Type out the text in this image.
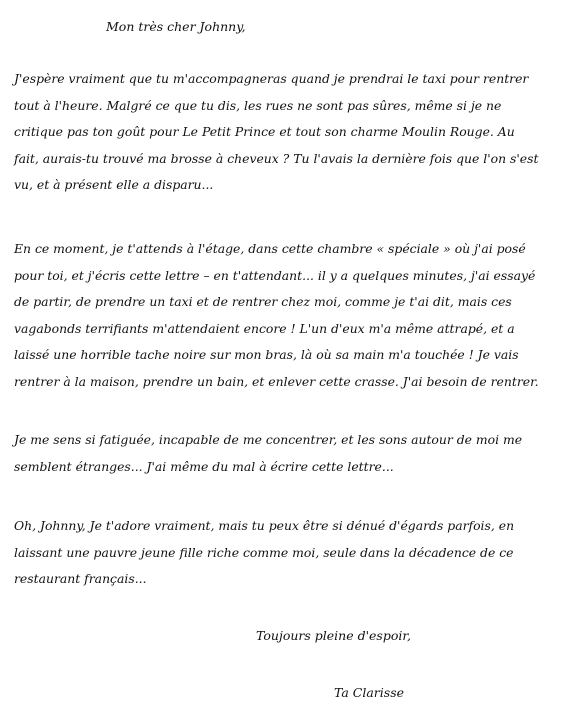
Mon très cher Johnny,

J'espère vraiment que tu m'accompagneras quand je prendrai le taxi pour rentrer tout à l'heure. Malgré ce que tu dis, les rues ne sont pas sûres, même si je ne critique pas ton goût pour Le Petit Prince et tout son charme Moulin Rouge. Au fait, aurais-tu trouvé ma brosse à cheveux ? Tu l'avais la dernière fois que l'on s'est vu, et à présent elle a disparu...

En ce moment, je t'attends à l'étage, dans cette chambre « spéciale » où j'ai posé pour toi, et j'écris cette lettre – en t'attendant... il y a quelques minutes, j'ai essayé de partir, de prendre un taxi et de rentrer chez moi, comme je t'ai dit, mais ces vagabonds terrifiants m'attendaient encore ! L'un d'eux m'a même attrapé, et a laissé une horrible tache noire sur mon bras, là où sa main m'a touchée ! Je vais rentrer à la maison, prendre un bain, et enlever cette crasse. J'ai besoin de rentrer.

Je me sens si fatiguée, incapable de me concentrer, et les sons autour de moi me semblent étranges... J'ai même du mal à écrire cette lettre...

Oh, Johnny, Je t'adore vraiment, mais tu peux être si dénué d'égards parfois, en laissant une pauvre jeune fille riche comme moi, seule dans la décadence de ce restaurant français...

Toujours pleine d'espoir,
Ta Clarisse
